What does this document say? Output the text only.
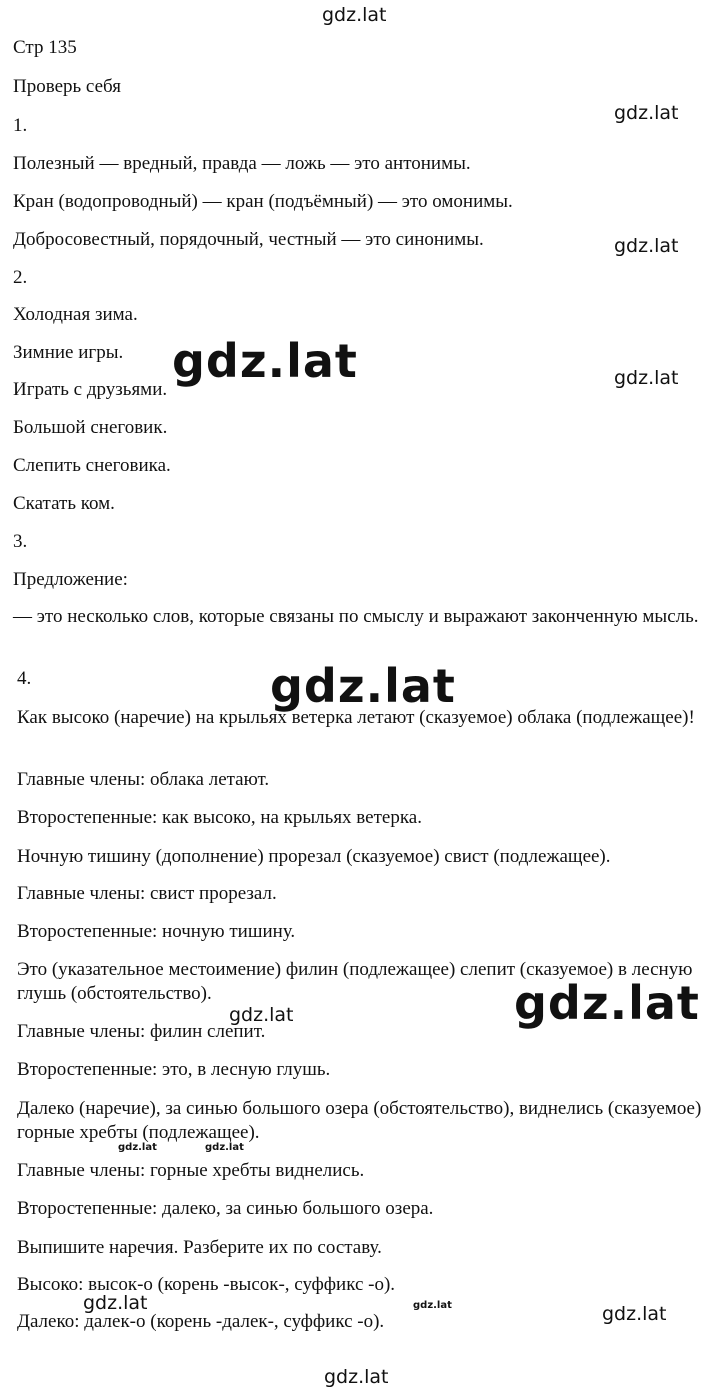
Стр 135

Проверь себя

1.

Полезный — вредный, правда — ложь — это антонимы.

Кран (водопроводный) — кран (подъёмный) — это омонимы.

Добросовестный, порядочный, честный — это синонимы.

2.

Холодная зима.

Зимние игры.

Играть с друзьями.

Большой снеговик.

Слепить снеговика.

Скатать ком.

3.

Предложение:

— это несколько слов, которые связаны по смыслу и выражают законченную мысль.

4.

Как высоко (наречие) на крыльях ветерка летают (сказуемое) облака (подлежащее)!

Главные члены: облака летают.

Второстепенные: как высоко, на крыльях ветерка.

Ночную тишину (дополнение) прорезал (сказуемое) свист (подлежащее).

Главные члены: свист прорезал.

Второстепенные: ночную тишину.

Это (указательное местоимение) филин (подлежащее) слепит (сказуемое) в лесную глушь (обстоятельство).

Главные члены: филин слепит.

Второстепенные: это, в лесную глушь.

Далеко (наречие), за синью большого озера (обстоятельство), виднелись (сказуемое) горные хребты (подлежащее).

Главные члены: горные хребты виднелись.

Второстепенные: далеко, за синью большого озера.

Выпишите наречия. Разберите их по составу.

Высоко: высок-о (корень -высок-, суффикс -о).

Далеко: далек-о (корень -далек-, суффикс -о).

gdz.lat
gdz.lat
gdz.lat
gdz.lat	gdz.lat
gdz.lat
gdz.lat
gdz.lat
gdz.lat	gdz.lat
gdz.lat	gdz.lat	gdz.lat
gdz.lat
